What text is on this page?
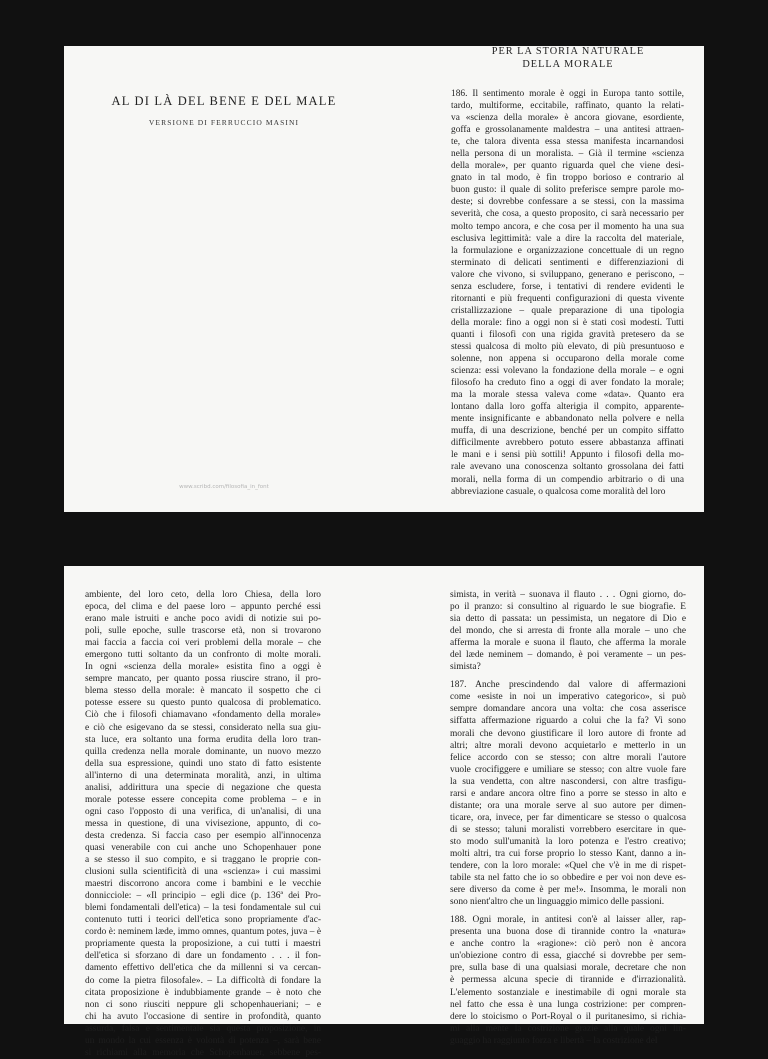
AL DI LÀ DEL BENE E DEL MALE
VERSIONE DI FERRUCCIO MASINI
www.scribd.com/filosofia_in_font
PER LA STORIA NATURALE
DELLA MORALE
186. Il sentimento morale è oggi in Europa tanto sottile,
tardo, multiforme, eccitabile, raffinato, quanto la relati-
va «scienza della morale» è ancora giovane, esordiente,
goffa e grossolanamente maldestra – una antitesi attraen-
te, che talora diventa essa stessa manifesta incarnandosi
nella persona di un moralista. – Già il termine «scienza
della morale», per quanto riguarda quel che viene desi-
gnato in tal modo, è fin troppo borioso e contrario al
buon gusto: il quale di solito preferisce sempre parole mo-
deste; si dovrebbe confessare a se stessi, con la massima
severità, che cosa, a questo proposito, ci sarà necessario per
molto tempo ancora, e che cosa per il momento ha una sua
esclusiva legittimità: vale a dire la raccolta del materiale,
la formulazione e organizzazione concettuale di un regno
sterminato di delicati sentimenti e differenziazioni di
valore che vivono, si sviluppano, generano e periscono, –
senza escludere, forse, i tentativi di rendere evidenti le
ritornanti e più frequenti configurazioni di questa vivente
cristallizzazione – quale preparazione di una tipologia
della morale: fino a oggi non si è stati così modesti. Tutti
quanti i filosofi con una rigida gravità pretesero da se
stessi qualcosa di molto più elevato, di più presuntuoso e
solenne, non appena si occuparono della morale come
scienza: essi volevano la fondazione della morale – e ogni
filosofo ha creduto fino a oggi di aver fondato la morale;
ma la morale stessa valeva come «data». Quanto era
lontano dalla loro goffa alterigia il compito, apparente-
mente insignificante e abbandonato nella polvere e nella
muffa, di una descrizione, benché per un compito siffatto
difficilmente avrebbero potuto essere abbastanza affinati
le mani e i sensi più sottili! Appunto i filosofi della mo-
rale avevano una conoscenza soltanto grossolana dei fatti
morali, nella forma di un compendio arbitrario o di una
abbreviazione casuale, o qualcosa come moralità del loro
ambiente, del loro ceto, della loro Chiesa, della loro
epoca, del clima e del paese loro – appunto perché essi
erano male istruiti e anche poco avidi di notizie sui po-
poli, sulle epoche, sulle trascorse età, non si trovarono
mai faccia a faccia coi veri problemi della morale – che
emergono tutti soltanto da un confronto di molte morali.
In ogni «scienza della morale» esistita fino a oggi è
sempre mancato, per quanto possa riuscire strano, il pro-
blema stesso della morale: è mancato il sospetto che ci
potesse essere su questo punto qualcosa di problematico.
Ciò che i filosofi chiamavano «fondamento della morale»
e ciò che esigevano da se stessi, considerato nella sua giu-
sta luce, era soltanto una forma erudita della loro tran-
quilla credenza nella morale dominante, un nuovo mezzo
della sua espressione, quindi uno stato di fatto esistente
all'interno di una determinata moralità, anzi, in ultima
analisi, addirittura una specie di negazione che questa
morale potesse essere concepita come problema – e in
ogni caso l'opposto di una verifica, di un'analisi, di una
messa in questione, di una vivisezione, appunto, di co-
desta credenza. Si faccia caso per esempio all'innocenza
quasi venerabile con cui anche uno Schopenhauer pone
a se stesso il suo compito, e si traggano le proprie con-
clusioni sulla scientificità di una «scienza» i cui massimi
maestri discorrono ancora come i bambini e le vecchie
donnicciole: – «Il principio – egli dice (p. 136ª dei Pro-
blemi fondamentali dell'etica) – la tesi fondamentale sul cui
contenuto tutti i teorici dell'etica sono propriamente d'ac-
cordo è: neminem læde, immo omnes, quantum potes, juva – è
propriamente questa la proposizione, a cui tutti i maestri
dell'etica si sforzano di dare un fondamento . . . il fon-
damento effettivo dell'etica che da millenni si va cercan-
do come la pietra filosofale». – La difficoltà di fondare la
citata proposizione è indubbiamente grande – è noto che
non ci sono riusciti neppure gli schopenhaueriani; – e
chi ha avuto l'occasione di sentire in profondità, quanto
assurda, falsa e sentimentale sia questa proposizione, in
un mondo la cui essenza è volontà di potenza –, sarà bene
si richiami alla memoria che Schopenhauer, sebbene pes-
simista, in verità – suonava il flauto . . . Ogni giorno, do-
po il pranzo: si consultino al riguardo le sue biografie. E
sia detto di passata: un pessimista, un negatore di Dio e
del mondo, che si arresta di fronte alla morale – uno che
afferma la morale e suona il flauto, che afferma la morale
del læde neminem – domando, è poi veramente – un pes-
simista?
187. Anche prescindendo dal valore di affermazioni
come «esiste in noi un imperativo categorico», si può
sempre domandare ancora una volta: che cosa asserisce
siffatta affermazione riguardo a colui che la fa? Vi sono
morali che devono giustificare il loro autore di fronte ad
altri; altre morali devono acquietarlo e metterlo in un
felice accordo con se stesso; con altre morali l'autore
vuole crocifiggere e umiliare se stesso; con altre vuole fare
la sua vendetta, con altre nascondersi, con altre trasfigu-
rarsi e andare ancora oltre fino a porre se stesso in alto e
distante; ora una morale serve al suo autore per dimen-
ticare, ora, invece, per far dimenticare se stesso o qualcosa
di se stesso; taluni moralisti vorrebbero esercitare in que-
sto modo sull'umanità la loro potenza e l'estro creativo;
molti altri, tra cui forse proprio lo stesso Kant, danno a in-
tendere, con la loro morale: «Quel che v'è in me di rispet-
tabile sta nel fatto che io so obbedire e per voi non deve es-
sere diverso da come è per me!». Insomma, le morali non
sono nient'altro che un linguaggio mimico delle passioni.
188. Ogni morale, in antitesi con'è al laisser aller, rap-
presenta una buona dose di tirannide contro la «natura»
e anche contro la «ragione»: ciò però non è ancora
un'obiezione contro di essa, giacché si dovrebbe per sem-
pre, sulla base di una qualsiasi morale, decretare che non
è permessa alcuna specie di tirannide e d'irrazionalità.
L'elemento sostanziale e inestimabile di ogni morale sta
nel fatto che essa è una lunga costrizione: per compren-
dere lo stoicismo o Port-Royal o il puritanesimo, si richia-
mi alla mente la costrizione grazie alla quale ogni lin-
guaggio ha raggiunto forza e libertà – la costrizione del
